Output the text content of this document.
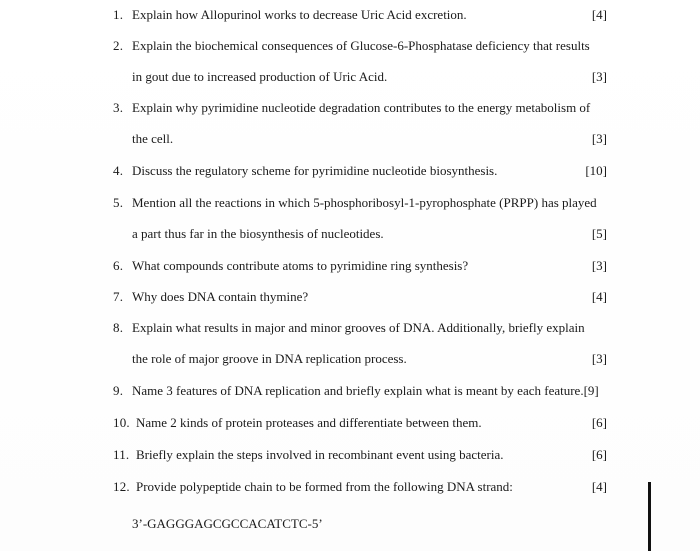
1. Explain how Allopurinol works to decrease Uric Acid excretion.	[4]
2. Explain the biochemical consequences of Glucose-6-Phosphatase deficiency that results
in gout due to increased production of Uric Acid.	[3]
3. Explain why pyrimidine nucleotide degradation contributes to the energy metabolism of
the cell.	[3]
4. Discuss the regulatory scheme for pyrimidine nucleotide biosynthesis.	[10]
5. Mention all the reactions in which 5-phosphoribosyl-1-pyrophosphate (PRPP) has played
a part thus far in the biosynthesis of nucleotides.	[5]
6. What compounds contribute atoms to pyrimidine ring synthesis?	[3]
7. Why does DNA contain thymine?	[4]
8. Explain what results in major and minor grooves of DNA. Additionally, briefly explain
the role of major groove in DNA replication process.	[3]
9. Name 3 features of DNA replication and briefly explain what is meant by each feature.[9]
10. Name 2 kinds of protein proteases and differentiate between them.	[6]
11. Briefly explain the steps involved in recombinant event using bacteria.	[6]
12. Provide polypeptide chain to be formed from the following DNA strand:	[4]
3’-GAGGGAGCGCCACATCTC-5’
